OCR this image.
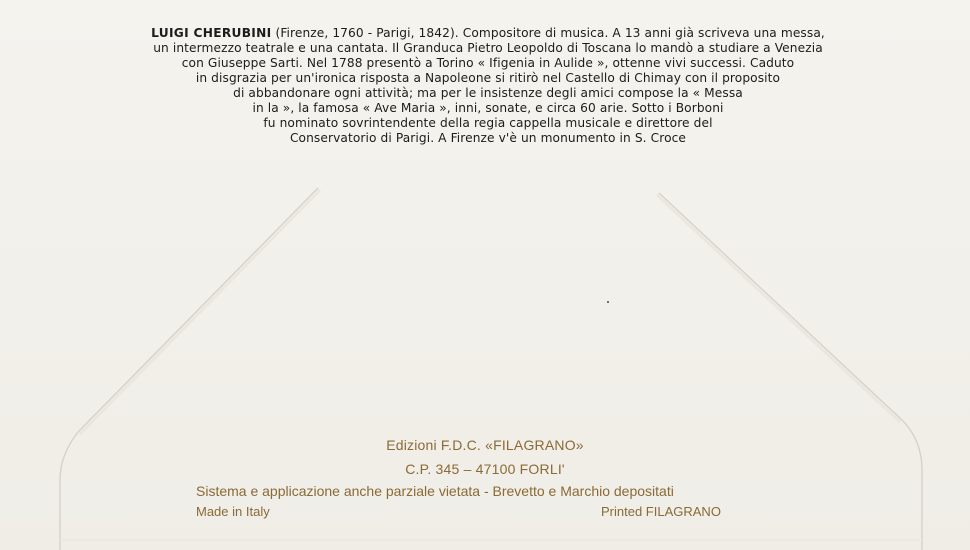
LUIGI CHERUBINI (Firenze, 1760 - Parigi, 1842). Compositore di musica. A 13 anni già scriveva una messa,
un intermezzo teatrale e una cantata. Il Granduca Pietro Leopoldo di Toscana lo mandò a studiare a Venezia
con Giuseppe Sarti. Nel 1788 presentò a Torino « Ifigenia in Aulide », ottenne vivi successi. Caduto
in disgrazia per un'ironica risposta a Napoleone si ritirò nel Castello di Chimay con il proposito
di abbandonare ogni attività; ma per le insistenze degli amici compose la « Messa
in la », la famosa « Ave Maria », inni, sonate, e circa 60 arie. Sotto i Borboni
fu nominato sovrintendente della regia cappella musicale e direttore del
Conservatorio di Parigi. A Firenze v'è un monumento in S. Croce
Edizioni F.D.C. «FILAGRANO»
C.P. 345 – 47100 FORLI'
Sistema e applicazione anche parziale vietata - Brevetto e Marchio depositati
Made in Italy	Printed FILAGRANO
